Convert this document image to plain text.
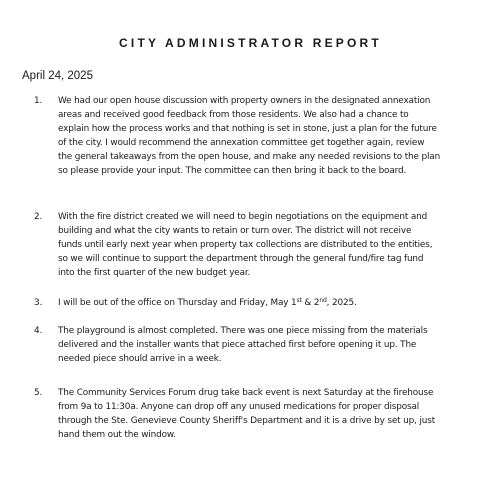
CITY ADMINISTRATOR REPORT

April 24, 2025

1.	We had our open house discussion with property owners in the designated annexation
areas and received good feedback from those residents. We also had a chance to
explain how the process works and that nothing is set in stone, just a plan for the future
of the city. I would recommend the annexation committee get together again, review
the general takeaways from the open house, and make any needed revisions to the plan
so please provide your input. The committee can then bring it back to the board.

2.	With the fire district created we will need to begin negotiations on the equipment and
building and what the city wants to retain or turn over. The district will not receive
funds until early next year when property tax collections are distributed to the entities,
so we will continue to support the department through the general fund/fire tag fund
into the first quarter of the new budget year.

3.	I will be out of the office on Thursday and Friday, May 1st & 2nd, 2025.

4.	The playground is almost completed. There was one piece missing from the materials
delivered and the installer wants that piece attached first before opening it up. The
needed piece should arrive in a week.

5.	The Community Services Forum drug take back event is next Saturday at the firehouse
from 9a to 11:30a. Anyone can drop off any unused medications for proper disposal
through the Ste. Genevieve County Sheriff's Department and it is a drive by set up, just
hand them out the window.
